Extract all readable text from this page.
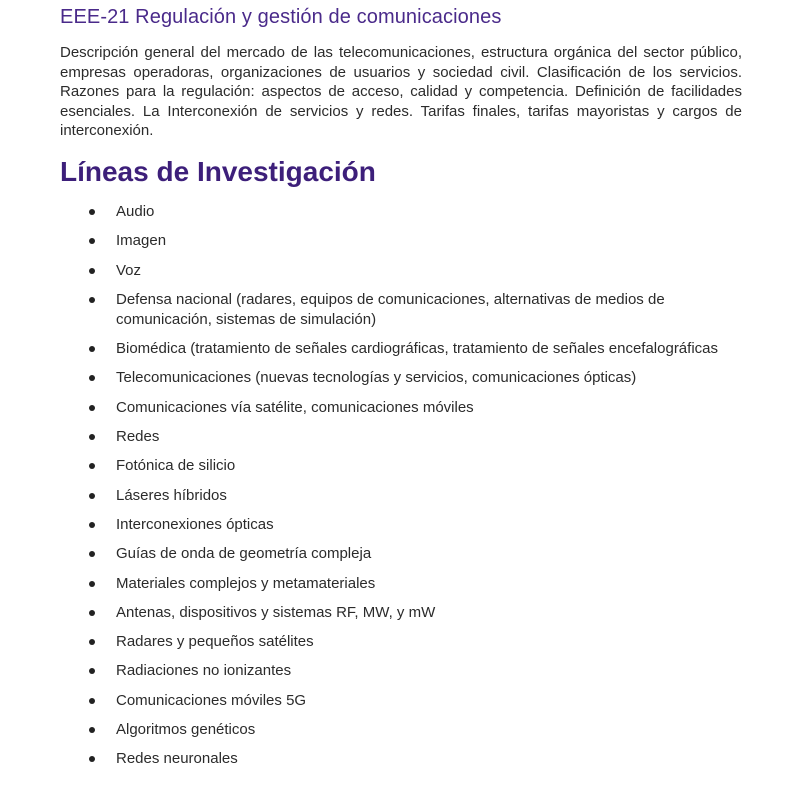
EEE-21 Regulación y gestión de comunicaciones

Descripción general del mercado de las telecomunicaciones, estructura orgánica del sector público, empresas operadoras, organizaciones de usuarios y sociedad civil. Clasificación de los servicios. Razones para la regulación: aspectos de acceso, calidad y competencia. Definición de facilidades esenciales. La Interconexión de servicios y redes. Tarifas finales, tarifas mayoristas y cargos de interconexión.

Líneas de Investigación
Audio
Imagen
Voz
Defensa nacional (radares, equipos de comunicaciones, alternativas de medios de comunicación, sistemas de simulación)
Biomédica (tratamiento de señales cardiográficas, tratamiento de señales encefalográficas
Telecomunicaciones (nuevas tecnologías y servicios, comunicaciones ópticas)
Comunicaciones vía satélite, comunicaciones móviles
Redes
Fotónica de silicio
Láseres híbridos
Interconexiones ópticas
Guías de onda de geometría compleja
Materiales complejos y metamateriales
Antenas, dispositivos y sistemas RF, MW, y mW
Radares y pequeños satélites
Radiaciones no ionizantes
Comunicaciones móviles 5G
Algoritmos genéticos
Redes neuronales
